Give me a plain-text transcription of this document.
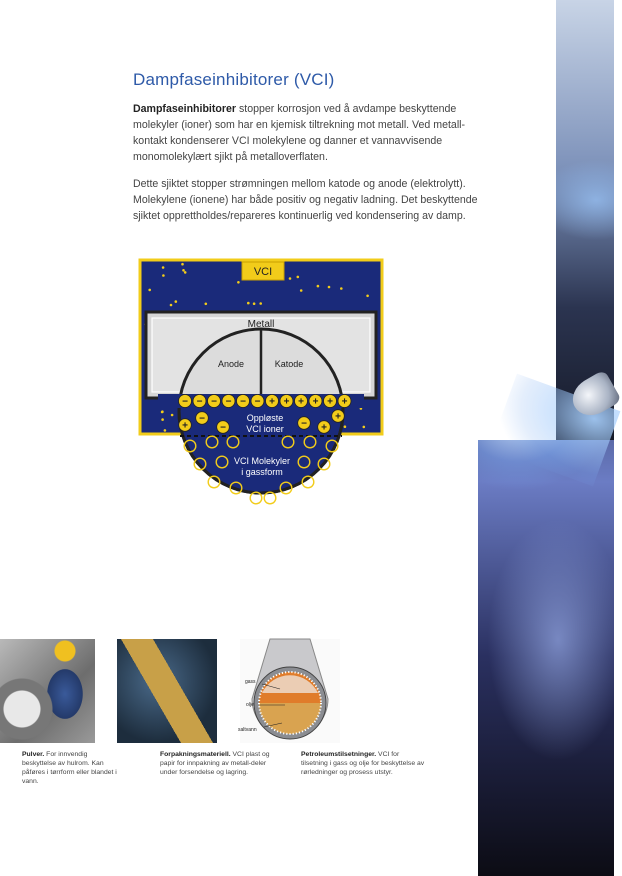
Dampfaseinhibitorer (VCI)

Dampfaseinhibitorer stopper korrosjon ved å avdampe beskyttende molekyler (ioner) som har en kjemisk tiltrekning mot metall. Ved metall-kontakt kondenserer VCI molekylene og danner et vannavvisende monomolekylært sjikt på metalloverflaten.

Dette sjiktet stopper strømningen mellom katode og anode (elektrolytt). Molekylene (ionene) har både positiv og negativ ladning. Det beskyttende sjiktet opprettholdes/repareres kontinuerlig ved kondensering av damp.

− − − − − − + + + + + +
+
−
−	− +
+
VCI
Metall
Anode	Katode
Oppløste
VCI ioner
VCI Molekyler
i gassform
gass
olje
saltvann

Pulver. For innvendig beskyttelse av hulrom. Kan påføres i tørrform eller blandet i vann.

Forpakningsmateriell. VCI plast og papir for innpakning av metall-deler under forsendelse og lagring.

Petroleumstilsetninger. VCI for tilsetning i gass og olje for beskyttelse av rørledninger og prosess utstyr.
